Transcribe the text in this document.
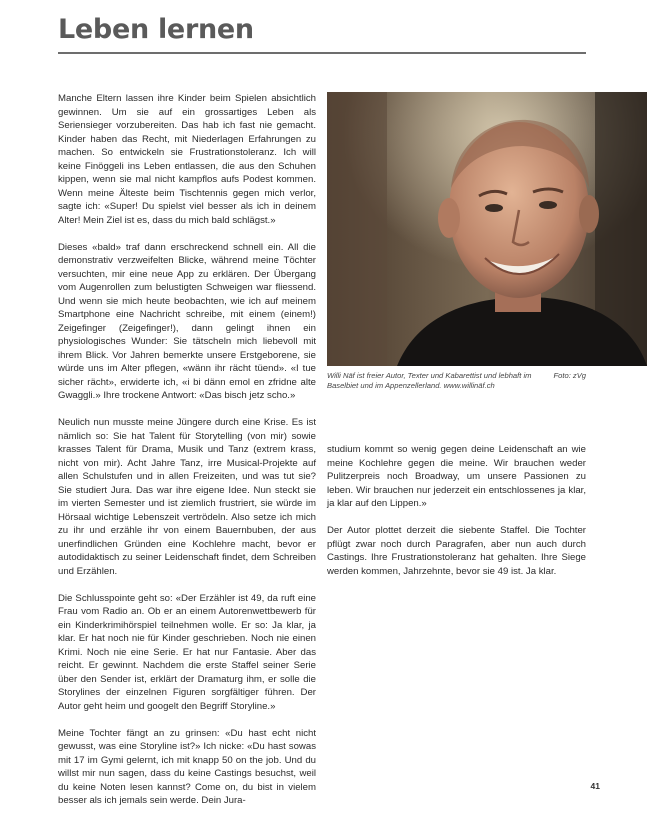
Leben lernen

Manche Eltern lassen ihre Kinder beim Spielen absichtlich gewinnen. Um sie auf ein grossartiges Leben als Seriensieger vorzubereiten. Das hab ich fast nie gemacht. Kinder haben das Recht, mit Niederlagen Erfahrungen zu machen. So entwickeln sie Frustrationstoleranz. Ich will keine Finöggeli ins Leben entlassen, die aus den Schuhen kippen, wenn sie mal nicht kampflos aufs Podest kommen. Wenn meine Älteste beim Tischtennis gegen mich verlor, sagte ich: «Super! Du spielst viel besser als ich in deinem Alter! Mein Ziel ist es, dass du mich bald schlägst.»

Dieses «bald» traf dann erschreckend schnell ein. All die demonstrativ verzweifelten Blicke, während meine Töchter versuchten, mir eine neue App zu erklären. Der Übergang vom Augenrollen zum belustigten Schweigen war fliessend. Und wenn sie mich heute beobachten, wie ich auf meinem Smartphone eine Nachricht schreibe, mit einem (einem!) Zeigefinger (Zeigefinger!), dann gelingt ihnen ein physiologisches Wunder: Sie tätscheln mich liebevoll mit ihrem Blick. Vor Jahren bemerkte unsere Erstgeborene, sie würde uns im Alter pflegen, «wänn ihr rächt tüend». «I tue sicher rächt», erwiderte ich, «i bi dänn emol en zfridne alte Gwaggli.» Ihre trockene Antwort: «Das bisch jetz scho.»

Neulich nun musste meine Jüngere durch eine Krise. Es ist nämlich so: Sie hat Talent für Storytelling (von mir) sowie krasses Talent für Drama, Musik und Tanz (extrem krass, nicht von mir). Acht Jahre Tanz, irre Musical-Projekte auf allen Schulstufen und in allen Freizeiten, und was tut sie? Sie studiert Jura. Das war ihre eigene Idee. Nun steckt sie im vierten Semester und ist ziemlich frustriert, sie würde im Hörsaal wichtige Lebenszeit vertrödeln. Also setze ich mich zu ihr und erzähle ihr von einem Bauernbuben, der aus unerfindlichen Gründen eine Kochlehre macht, bevor er autodidaktisch zu seiner Leidenschaft findet, dem Schreiben und Erzählen.

Die Schlusspointe geht so: «Der Erzähler ist 49, da ruft eine Frau vom Radio an. Ob er an einem Autorenwettbewerb für ein Kinderkrimihörspiel teilnehmen wolle. Er so: Ja klar, ja klar. Er hat noch nie für Kinder geschrieben. Noch nie einen Krimi. Noch nie eine Serie. Er hat nur Fantasie. Aber das reicht. Er gewinnt. Nachdem die erste Staffel seiner Serie über den Sender ist, erklärt der Dramaturg ihm, er solle die Storylines der einzelnen Figuren sorgfältiger führen. Der Autor geht heim und googelt den Begriff Storyline.»

Meine Tochter fängt an zu grinsen: «Du hast echt nicht gewusst, was eine Storyline ist?» Ich nicke: «Du hast sowas mit 17 im Gymi gelernt, ich mit knapp 50 on the job. Und du willst mir nun sagen, dass du keine Castings besuchst, weil du keine Noten lesen kannst? Come on, du bist in vielem besser als ich jemals sein werde. Dein Jura-

Willi Näf ist freier Autor, Texter und Kabarettist und lebhaft im Baselbiet und im Appenzellerland. www.willinäf.ch
Foto: zVg

studium kommt so wenig gegen deine Leidenschaft an wie meine Kochlehre gegen die meine. Wir brauchen weder Pulitzerpreis noch Broadway, um unsere Passionen zu leben. Wir brauchen nur jederzeit ein entschlossenes ja klar, ja klar auf den Lippen.»

Der Autor plottet derzeit die siebente Staffel. Die Tochter pflügt zwar noch durch Paragrafen, aber nun auch durch Castings. Ihre Frustrationstoleranz hat gehalten. Ihre Siege werden kommen, Jahrzehnte, bevor sie 49 ist. Ja klar.

41
